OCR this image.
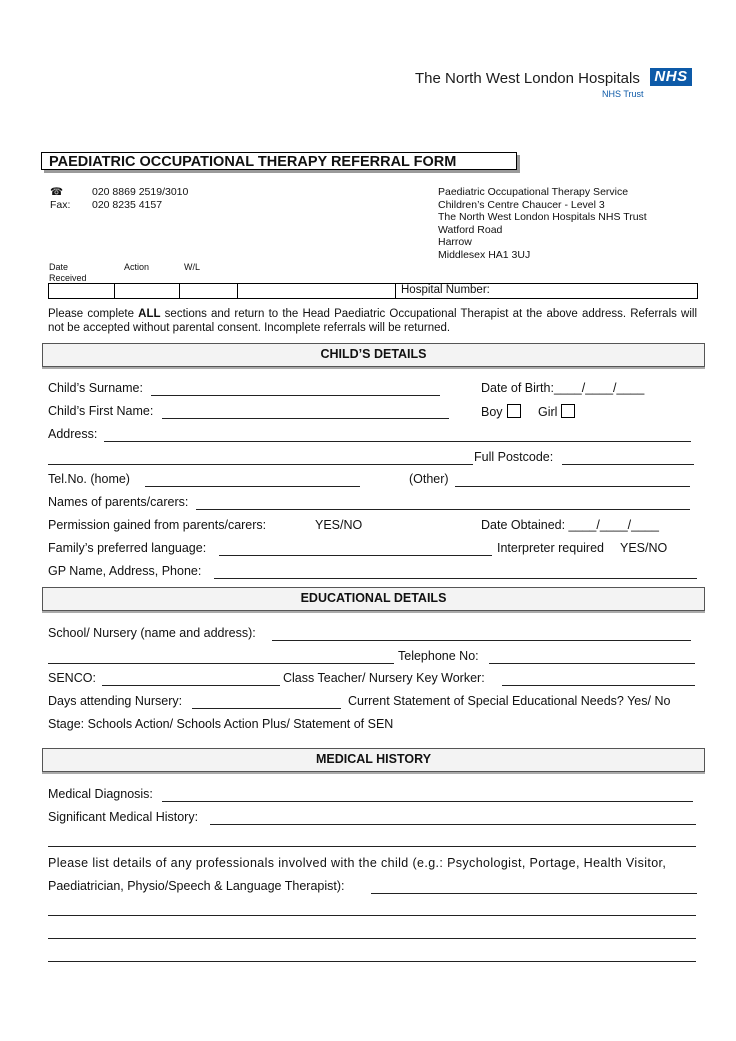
The North West London Hospitals NHS
NHS Trust
PAEDIATRIC OCCUPATIONAL THERAPY REFERRAL FORM
☎	020 8869 2519/3010
Fax: 020 8235 4157
Paediatric Occupational Therapy Service
Children’s Centre Chaucer - Level 3
The North West London Hospitals NHS Trust
Watford Road
Harrow
Middlesex HA1 3UJ
Date
Received
Action	W/L
Hospital Number:
Please complete ALL sections and return to the Head Paediatric Occupational Therapist at the above address. Referrals will not be accepted without parental consent. Incomplete referrals will be returned.
CHILD’S DETAILS
Child’s Surname:	Date of Birth:____/____/____
Child’s First Name:	Boy	Girl
Address:
Full Postcode:
Tel.No. (home)	(Other)
Names of parents/carers:
Permission gained from parents/carers:	YES/NO	Date Obtained: ____/____/____
Family’s preferred language:	Interpreter required YES/NO
GP Name, Address, Phone:
EDUCATIONAL DETAILS
School/ Nursery (name and address):
Telephone No:
SENCO:	Class Teacher/ Nursery Key Worker:
Days attending Nursery:	Current Statement of Special Educational Needs? Yes/ No
Stage: Schools Action/ Schools Action Plus/ Statement of SEN
MEDICAL HISTORY
Medical Diagnosis:
Significant Medical History:
Please list details of any professionals involved with the child (e.g.: Psychologist, Portage, Health Visitor,
Paediatrician, Physio/Speech & Language Therapist):
